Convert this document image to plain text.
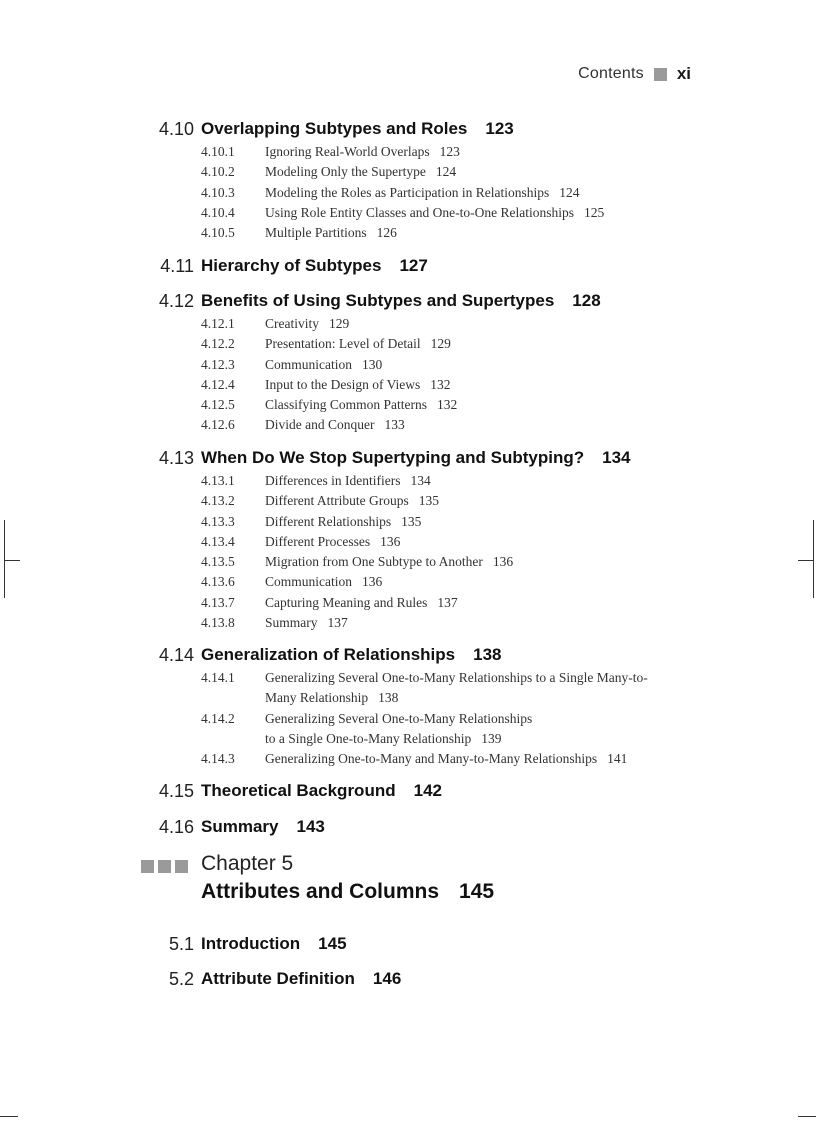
Contents xi
4.10 Overlapping Subtypes and Roles 123
4.10.1 Ignoring Real-World Overlaps 123
4.10.2 Modeling Only the Supertype 124
4.10.3 Modeling the Roles as Participation in Relationships 124
4.10.4 Using Role Entity Classes and One-to-One Relationships 125
4.10.5 Multiple Partitions 126
4.11 Hierarchy of Subtypes 127
4.12 Benefits of Using Subtypes and Supertypes 128
4.12.1 Creativity 129
4.12.2 Presentation: Level of Detail 129
4.12.3 Communication 130
4.12.4 Input to the Design of Views 132
4.12.5 Classifying Common Patterns 132
4.12.6 Divide and Conquer 133
4.13 When Do We Stop Supertyping and Subtyping? 134
4.13.1 Differences in Identifiers 134
4.13.2 Different Attribute Groups 135
4.13.3 Different Relationships 135
4.13.4 Different Processes 136
4.13.5 Migration from One Subtype to Another 136
4.13.6 Communication 136
4.13.7 Capturing Meaning and Rules 137
4.13.8 Summary 137
4.14 Generalization of Relationships 138
4.14.1 Generalizing Several One-to-Many Relationships to a Single Many-to-
Many Relationship 138
4.14.2 Generalizing Several One-to-Many Relationships
to a Single One-to-Many Relationship 139
4.14.3 Generalizing One-to-Many and Many-to-Many Relationships 141
4.15 Theoretical Background 142
4.16 Summary 143
Chapter 5
Attributes and Columns 145
5.1 Introduction 145
5.2 Attribute Definition 146
